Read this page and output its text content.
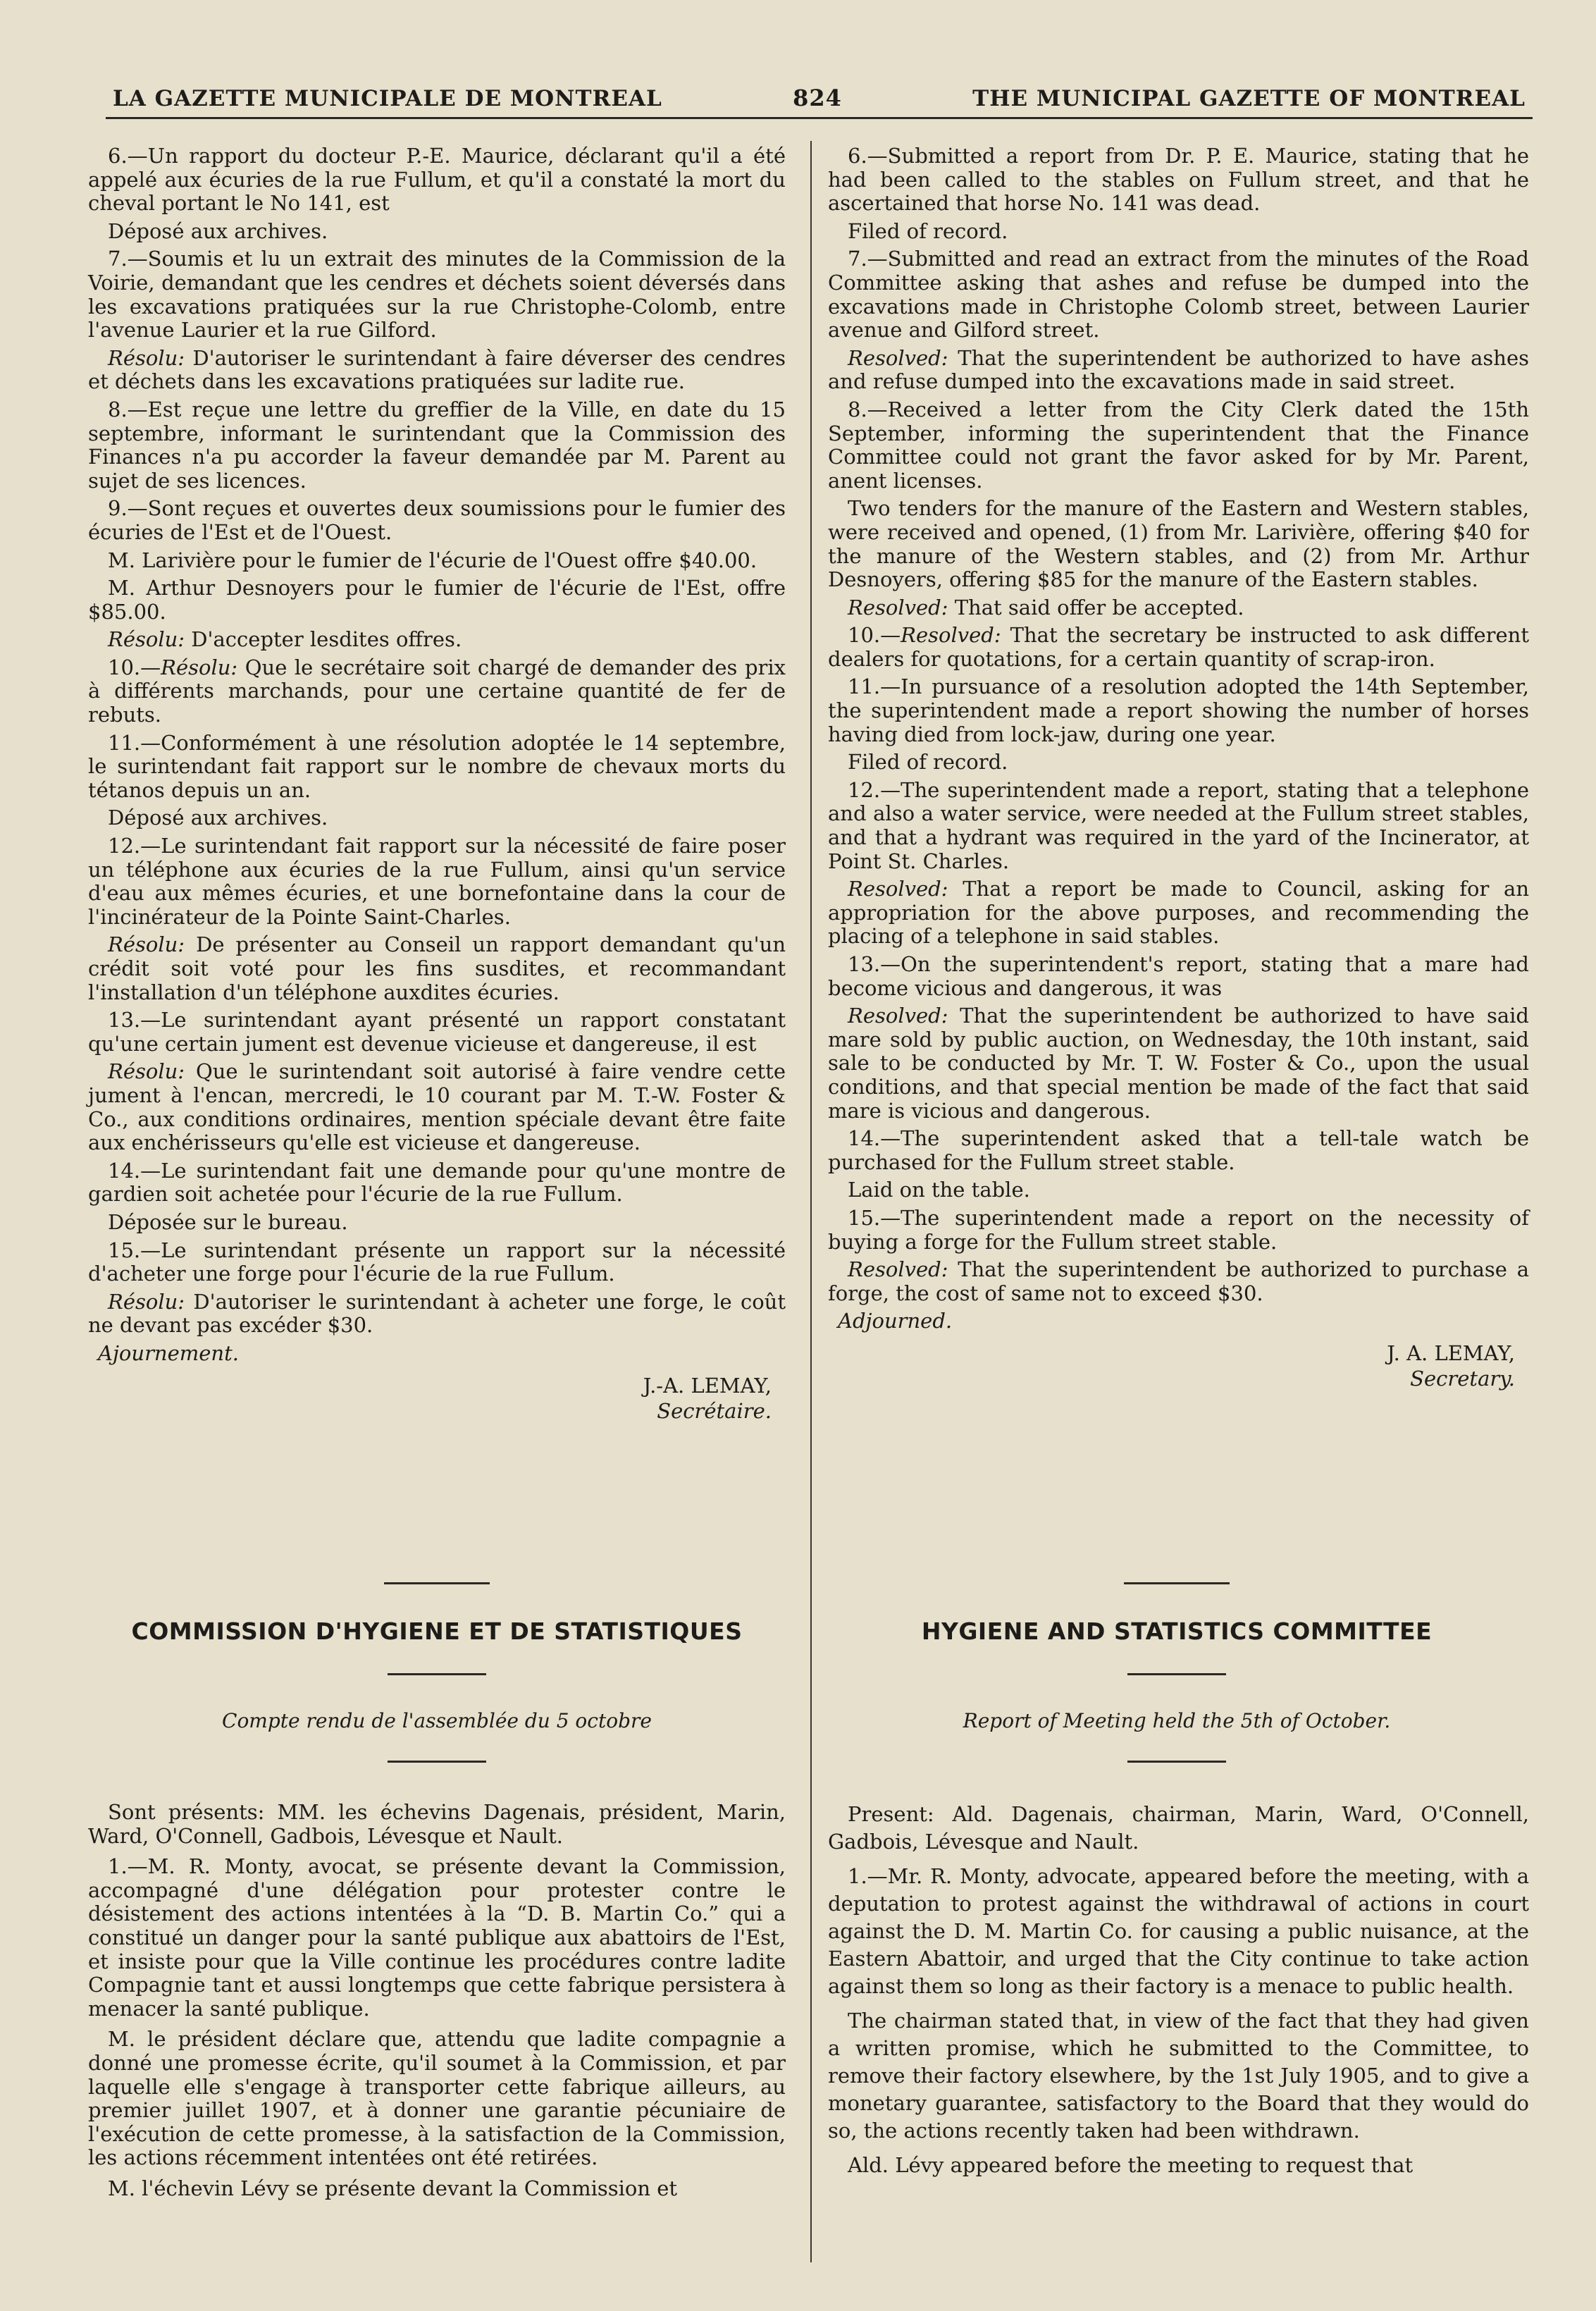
LA GAZETTE MUNICIPALE DE MONTREAL	824	THE MUNICIPAL GAZETTE OF MONTREAL

6.—Un rapport du docteur P.-E. Maurice, déclarant qu'il a été appelé aux écuries de la rue Fullum, et qu'il a constaté la mort du cheval portant le No 141, est

Déposé aux archives.

7.—Soumis et lu un extrait des minutes de la Commission de la Voirie, demandant que les cendres et déchets soient déversés dans les excavations pratiquées sur la rue Christophe-Colomb, entre l'avenue Laurier et la rue Gilford.

Résolu: D'autoriser le surintendant à faire déverser des cendres et déchets dans les excavations pratiquées sur ladite rue.

8.—Est reçue une lettre du greffier de la Ville, en date du 15 septembre, informant le surintendant que la Commission des Finances n'a pu accorder la faveur demandée par M. Parent au sujet de ses licences.

9.—Sont reçues et ouvertes deux soumissions pour le fumier des écuries de l'Est et de l'Ouest.

M. Larivière pour le fumier de l'écurie de l'Ouest offre $40.00.

M. Arthur Desnoyers pour le fumier de l'écurie de l'Est, offre $85.00.

Résolu: D'accepter lesdites offres.

10.—Résolu: Que le secrétaire soit chargé de demander des prix à différents marchands, pour une certaine quantité de fer de rebuts.

11.—Conformément à une résolution adoptée le 14 septembre, le surintendant fait rapport sur le nombre de chevaux morts du tétanos depuis un an.

Déposé aux archives.

12.—Le surintendant fait rapport sur la nécessité de faire poser un téléphone aux écuries de la rue Fullum, ainsi qu'un service d'eau aux mêmes écuries, et une bornefontaine dans la cour de l'incinérateur de la Pointe Saint-Charles.

Résolu: De présenter au Conseil un rapport demandant qu'un crédit soit voté pour les fins susdites, et recommandant l'installation d'un téléphone auxdites écuries.

13.—Le surintendant ayant présenté un rapport constatant qu'une certain jument est devenue vicieuse et dangereuse, il est

Résolu: Que le surintendant soit autorisé à faire vendre cette jument à l'encan, mercredi, le 10 courant par M. T.-W. Foster & Co., aux conditions ordinaires, mention spéciale devant être faite aux enchérisseurs qu'elle est vicieuse et dangereuse.

14.—Le surintendant fait une demande pour qu'une montre de gardien soit achetée pour l'écurie de la rue Fullum.

Déposée sur le bureau.

15.—Le surintendant présente un rapport sur la nécessité d'acheter une forge pour l'écurie de la rue Fullum.

Résolu: D'autoriser le surintendant à acheter une forge, le coût ne devant pas excéder $30.

Ajournement.
J.-A. LEMAY,
Secrétaire.

6.—Submitted a report from Dr. P. E. Maurice, stating that he had been called to the stables on Fullum street, and that he ascertained that horse No. 141 was dead.

Filed of record.

7.—Submitted and read an extract from the minutes of the Road Committee asking that ashes and refuse be dumped into the excavations made in Christophe Colomb street, between Laurier avenue and Gilford street.

Resolved: That the superintendent be authorized to have ashes and refuse dumped into the excavations made in said street.

8.—Received a letter from the City Clerk dated the 15th September, informing the superintendent that the Finance Committee could not grant the favor asked for by Mr. Parent, anent licenses.

Two tenders for the manure of the Eastern and Western stables, were received and opened, (1) from Mr. Larivière, offering $40 for the manure of the Western stables, and (2) from Mr. Arthur Desnoyers, offering $85 for the manure of the Eastern stables.

Resolved: That said offer be accepted.

10.—Resolved: That the secretary be instructed to ask different dealers for quotations, for a certain quantity of scrap-iron.

11.—In pursuance of a resolution adopted the 14th September, the superintendent made a report showing the number of horses having died from lock-jaw, during one year.

Filed of record.

12.—The superintendent made a report, stating that a telephone and also a water service, were needed at the Fullum street stables, and that a hydrant was required in the yard of the Incinerator, at Point St. Charles.

Resolved: That a report be made to Council, asking for an appropriation for the above purposes, and recommending the placing of a telephone in said stables.

13.—On the superintendent's report, stating that a mare had become vicious and dangerous, it was

Resolved: That the superintendent be authorized to have said mare sold by public auction, on Wednesday, the 10th instant, said sale to be conducted by Mr. T. W. Foster & Co., upon the usual conditions, and that special mention be made of the fact that said mare is vicious and dangerous.

14.—The superintendent asked that a tell-tale watch be purchased for the Fullum street stable.

Laid on the table.

15.—The superintendent made a report on the necessity of buying a forge for the Fullum street stable.

Resolved: That the superintendent be authorized to purchase a forge, the cost of same not to exceed $30.

Adjourned.
J. A. LEMAY,
Secretary.
COMMISSION D'HYGIENE ET DE STATISTIQUES
Compte rendu de l'assemblée du 5 octobre
HYGIENE AND STATISTICS COMMITTEE
Report of Meeting held the 5th of October.

Sont présents: MM. les échevins Dagenais, président, Marin, Ward, O'Connell, Gadbois, Lévesque et Nault.

1.—M. R. Monty, avocat, se présente devant la Commission, accompagné d'une délégation pour protester contre le désistement des actions intentées à la “D. B. Martin Co.” qui a constitué un danger pour la santé publique aux abattoirs de l'Est, et insiste pour que la Ville continue les procédures contre ladite Compagnie tant et aussi longtemps que cette fabrique persistera à menacer la santé publique.

M. le président déclare que, attendu que ladite compagnie a donné une promesse écrite, qu'il soumet à la Commission, et par laquelle elle s'engage à transporter cette fabrique ailleurs, au premier juillet 1907, et à donner une garantie pécuniaire de l'exécution de cette promesse, à la satisfaction de la Commission, les actions récemment intentées ont été retirées.

M. l'échevin Lévy se présente devant la Commission et

Present: Ald. Dagenais, chairman, Marin, Ward, O'Connell, Gadbois, Lévesque and Nault.

1.—Mr. R. Monty, advocate, appeared before the meeting, with a deputation to protest against the withdrawal of actions in court against the D. M. Martin Co. for causing a public nuisance, at the Eastern Abattoir, and urged that the City continue to take action against them so long as their factory is a menace to public health.

The chairman stated that, in view of the fact that they had given a written promise, which he submitted to the Committee, to remove their factory elsewhere, by the 1st July 1905, and to give a monetary guarantee, satisfactory to the Board that they would do so, the actions recently taken had been withdrawn.

Ald. Lévy appeared before the meeting to request that
